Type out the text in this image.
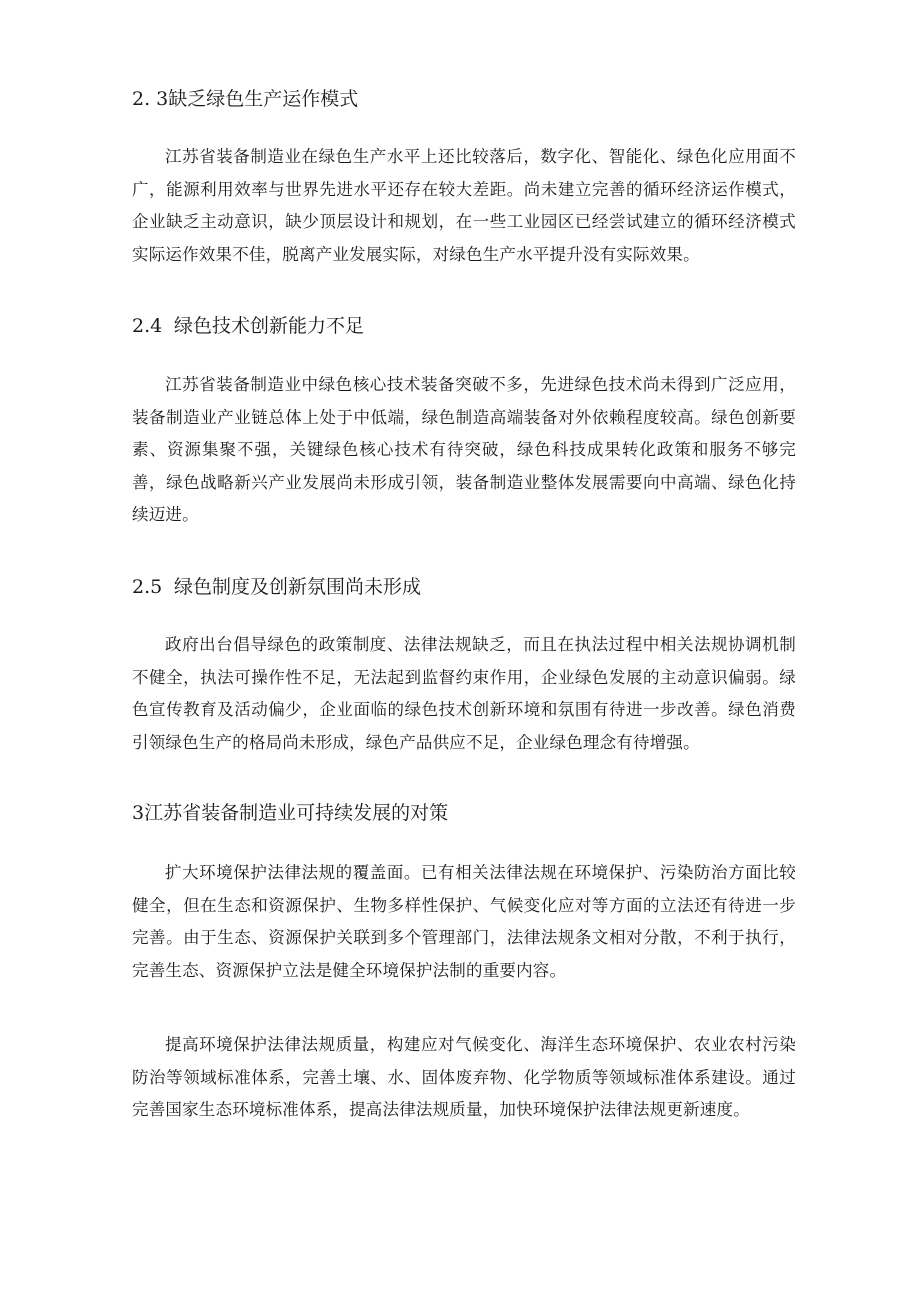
2. 3缺乏绿色生产运作模式

江苏省装备制造业在绿色生产水平上还比较落后，数字化、智能化、绿色化应用面不广，能源利用效率与世界先进水平还存在较大差距。尚未建立完善的循环经济运作模式，企业缺乏主动意识，缺少顶层设计和规划，在一些工业园区已经尝试建立的循环经济模式实际运作效果不佳，脱离产业发展实际，对绿色生产水平提升没有实际效果。

2.4 绿色技术创新能力不足

江苏省装备制造业中绿色核心技术装备突破不多，先进绿色技术尚未得到广泛应用，装备制造业产业链总体上处于中低端，绿色制造高端装备对外依赖程度较高。绿色创新要素、资源集聚不强，关键绿色核心技术有待突破，绿色科技成果转化政策和服务不够完善，绿色战略新兴产业发展尚未形成引领，装备制造业整体发展需要向中高端、绿色化持续迈进。

2.5 绿色制度及创新氛围尚未形成

政府出台倡导绿色的政策制度、法律法规缺乏，而且在执法过程中相关法规协调机制不健全，执法可操作性不足，无法起到监督约束作用，企业绿色发展的主动意识偏弱。绿色宣传教育及活动偏少，企业面临的绿色技术创新环境和氛围有待进一步改善。绿色消费引领绿色生产的格局尚未形成，绿色产品供应不足，企业绿色理念有待增强。

3江苏省装备制造业可持续发展的对策

扩大环境保护法律法规的覆盖面。已有相关法律法规在环境保护、污染防治方面比较健全，但在生态和资源保护、生物多样性保护、气候变化应对等方面的立法还有待进一步完善。由于生态、资源保护关联到多个管理部门，法律法规条文相对分散，不利于执行，完善生态、资源保护立法是健全环境保护法制的重要内容。

提高环境保护法律法规质量，构建应对气候变化、海洋生态环境保护、农业农村污染防治等领域标准体系，完善土壤、水、固体废弃物、化学物质等领域标准体系建设。通过完善国家生态环境标准体系，提高法律法规质量，加快环境保护法律法规更新速度。
